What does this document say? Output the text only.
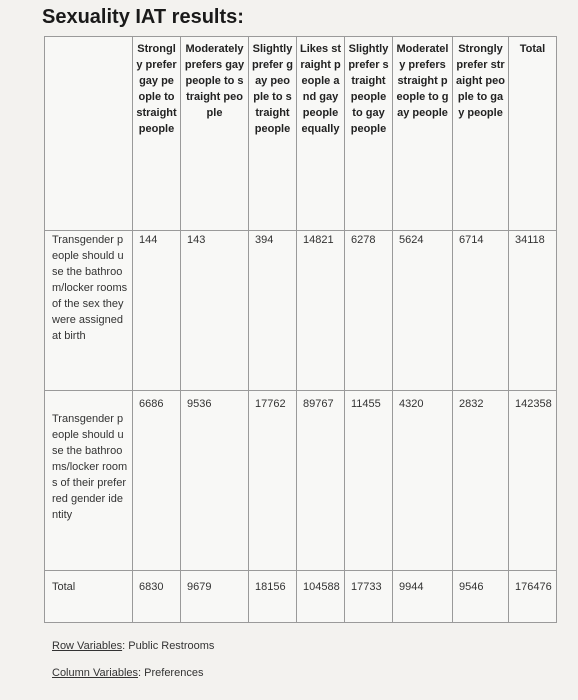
Sexuality IAT results:
	Strongly prefer gay people to straight people	Moderately prefers gay people to straight people	Slightly prefer gay people to straight people	Likes straight people and gay people equally	Slightly prefer straight people to gay people	Moderately prefers straight people to gay people	Strongly prefer straight people to gay people	Total
Transgender people should use the bathroom/locker rooms of the sex they were assigned at birth	144	143	394	14821	6278	5624	6714	34118
Transgender people should use the bathrooms/locker rooms of their preferred gender identity	6686	9536	17762	89767	11455	4320	2832	142358
Total	6830	9679	18156	104588	17733	9944	9546	176476
Row Variables: Public Restrooms
Column Variables: Preferences
